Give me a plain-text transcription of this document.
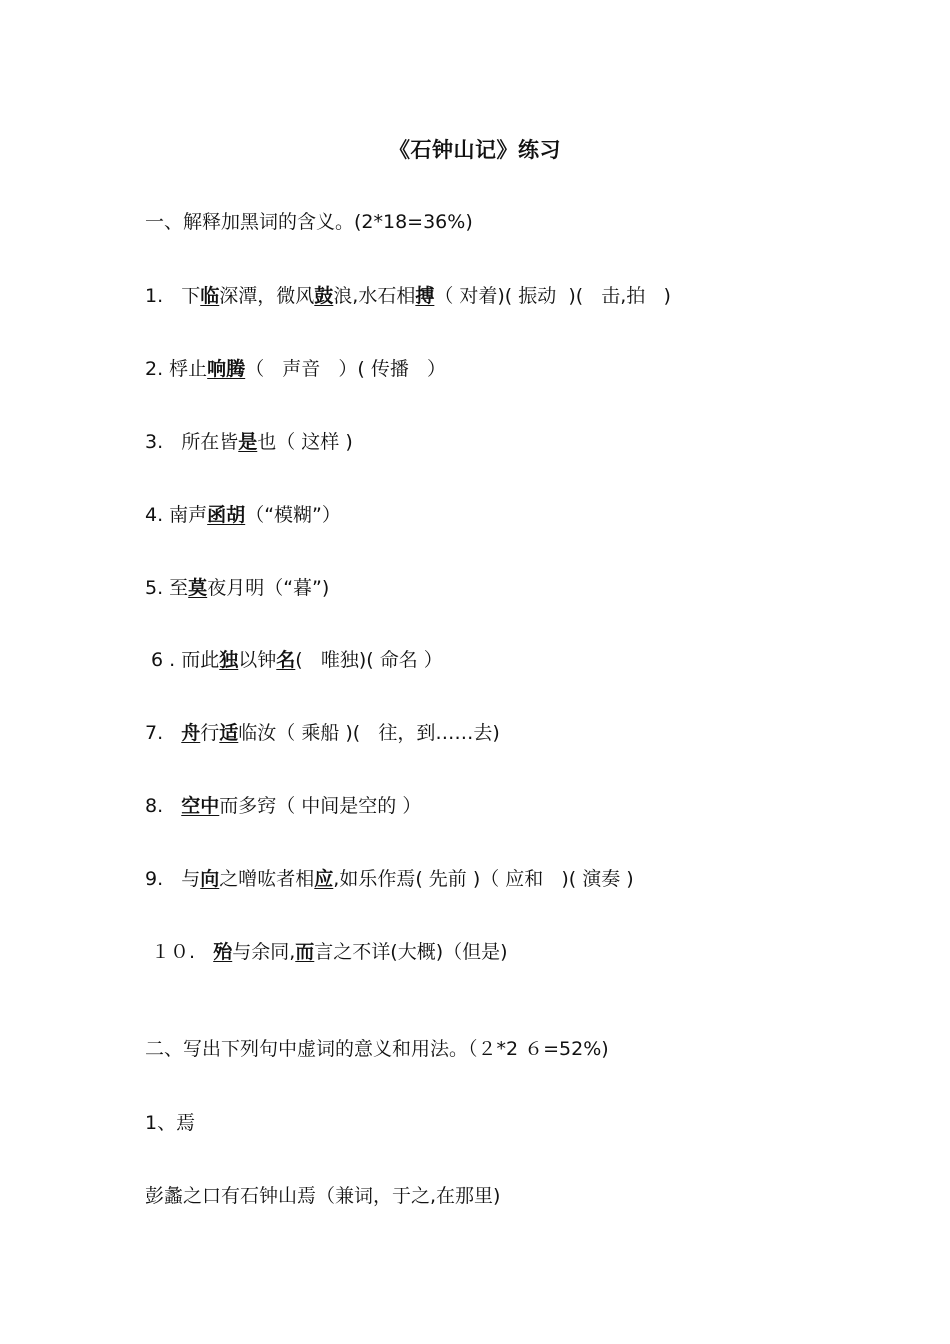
《石钟山记》练习
一、解释加黑词的含义。(2*18=36%)
1.   下临深潭，微风鼓浪,水石相搏（ 对着)( 振动  )(   击,拍   )
2. 桴止响腾（   声音   ）( 传播   ）
3.   所在皆是也（ 这样 )
4. 南声函胡（“模糊”）
5. 至莫夜月明（“暮”)
6 . 而此独以钟名(   唯独)( 命名 ）
7.   舟行适临汝（ 乘船 )(   往，到……去)
8.   空中而多窍（ 中间是空的 ）
9.   与向之噌吰者相应,如乐作焉( 先前 )（ 应和   )( 演奏 )
１０.   殆与余同,而言之不详(大概)（但是)
二、写出下列句中虚词的意义和用法。（２*2 ６=52%)
1、焉
彭蠡之口有石钟山焉（兼词，于之,在那里)
